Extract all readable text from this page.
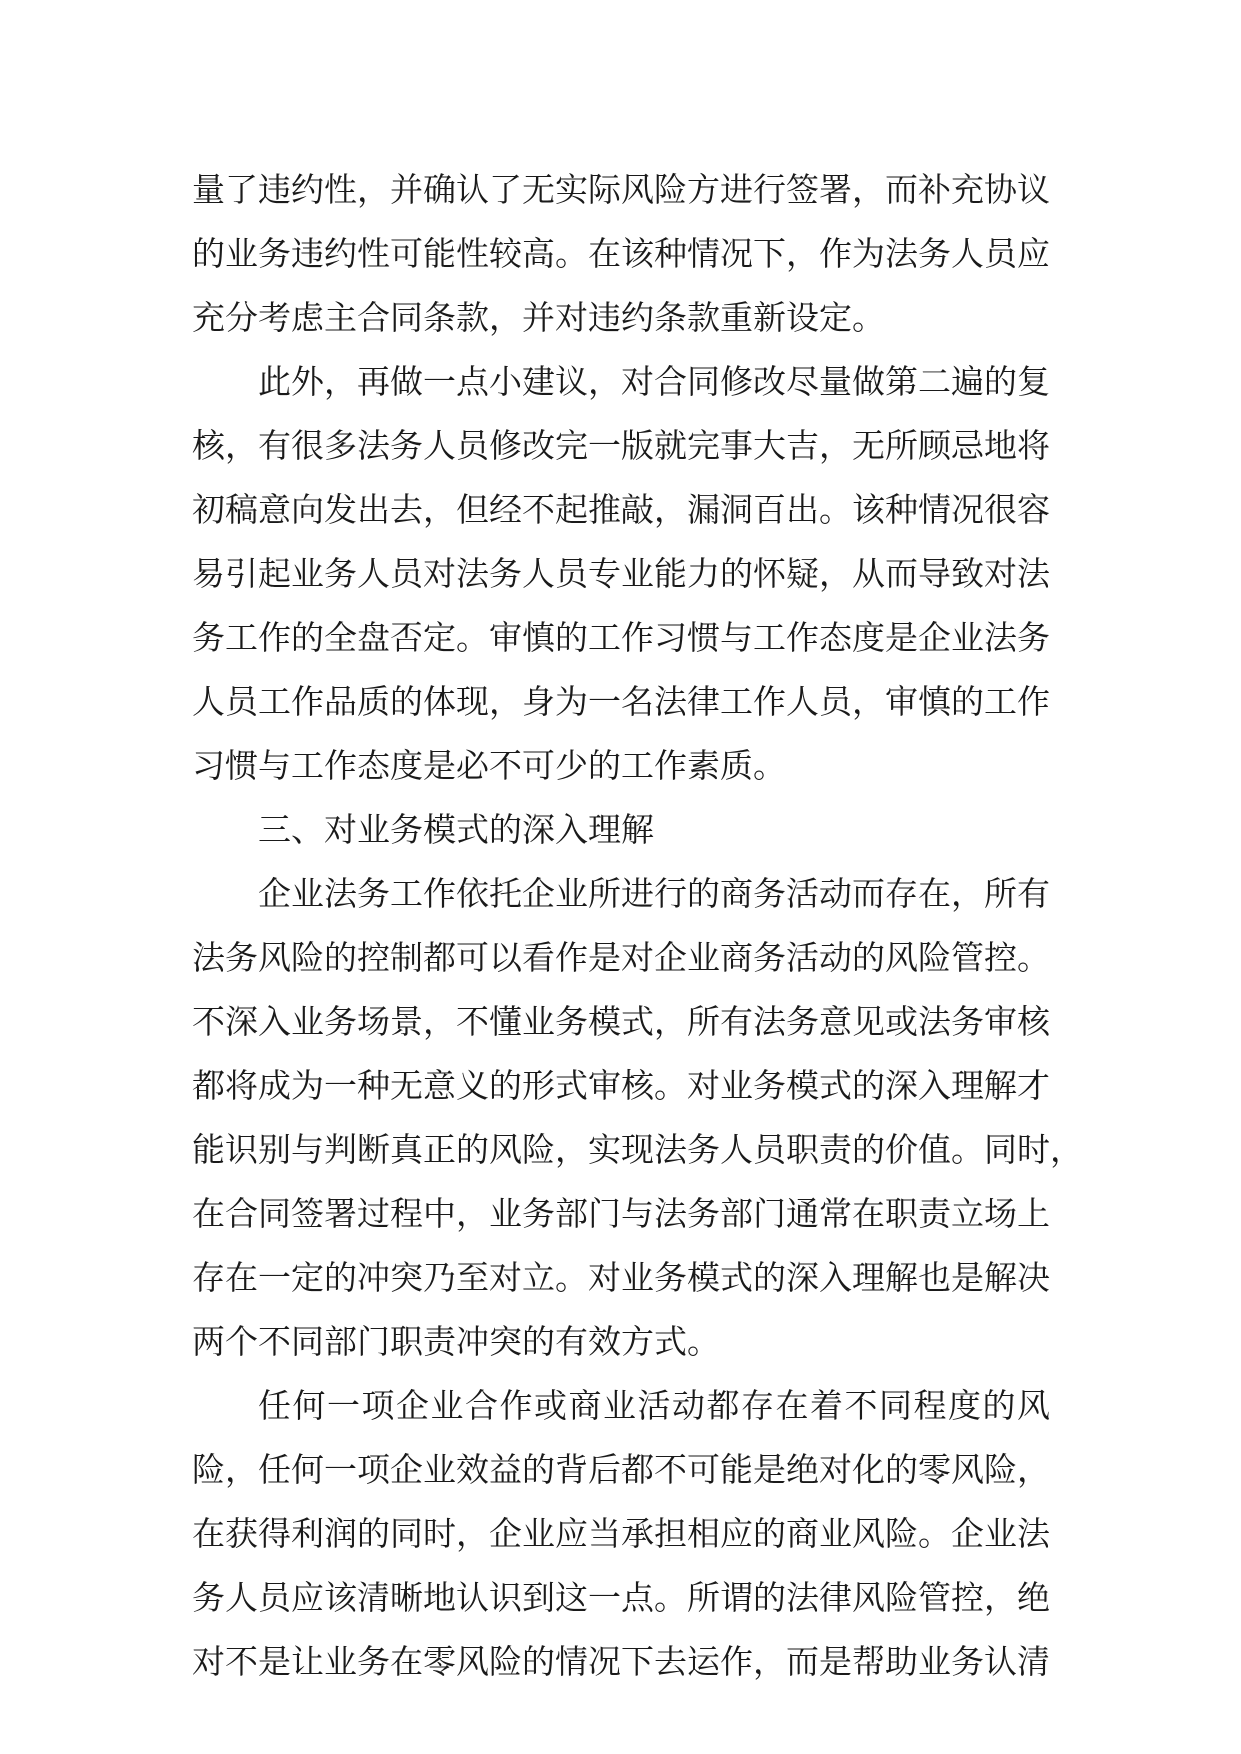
量了违约性，并确认了无实际风险方进行签署，而补充协议
的业务违约性可能性较高。在该种情况下，作为法务人员应
充分考虑主合同条款，并对违约条款重新设定。
此外，再做一点小建议，对合同修改尽量做第二遍的复
核，有很多法务人员修改完一版就完事大吉，无所顾忌地将
初稿意向发出去，但经不起推敲，漏洞百出。该种情况很容
易引起业务人员对法务人员专业能力的怀疑，从而导致对法
务工作的全盘否定。审慎的工作习惯与工作态度是企业法务
人员工作品质的体现，身为一名法律工作人员，审慎的工作
习惯与工作态度是必不可少的工作素质。
三、对业务模式的深入理解
企业法务工作依托企业所进行的商务活动而存在，所有
法务风险的控制都可以看作是对企业商务活动的风险管控。
不深入业务场景，不懂业务模式，所有法务意见或法务审核
都将成为一种无意义的形式审核。对业务模式的深入理解才
能识别与判断真正的风险，实现法务人员职责的价值。同时，
在合同签署过程中，业务部门与法务部门通常在职责立场上
存在一定的冲突乃至对立。对业务模式的深入理解也是解决
两个不同部门职责冲突的有效方式。
任何一项企业合作或商业活动都存在着不同程度的风
险，任何一项企业效益的背后都不可能是绝对化的零风险，
在获得利润的同时，企业应当承担相应的商业风险。企业法
务人员应该清晰地认识到这一点。所谓的法律风险管控，绝
对不是让业务在零风险的情况下去运作，而是帮助业务认清
